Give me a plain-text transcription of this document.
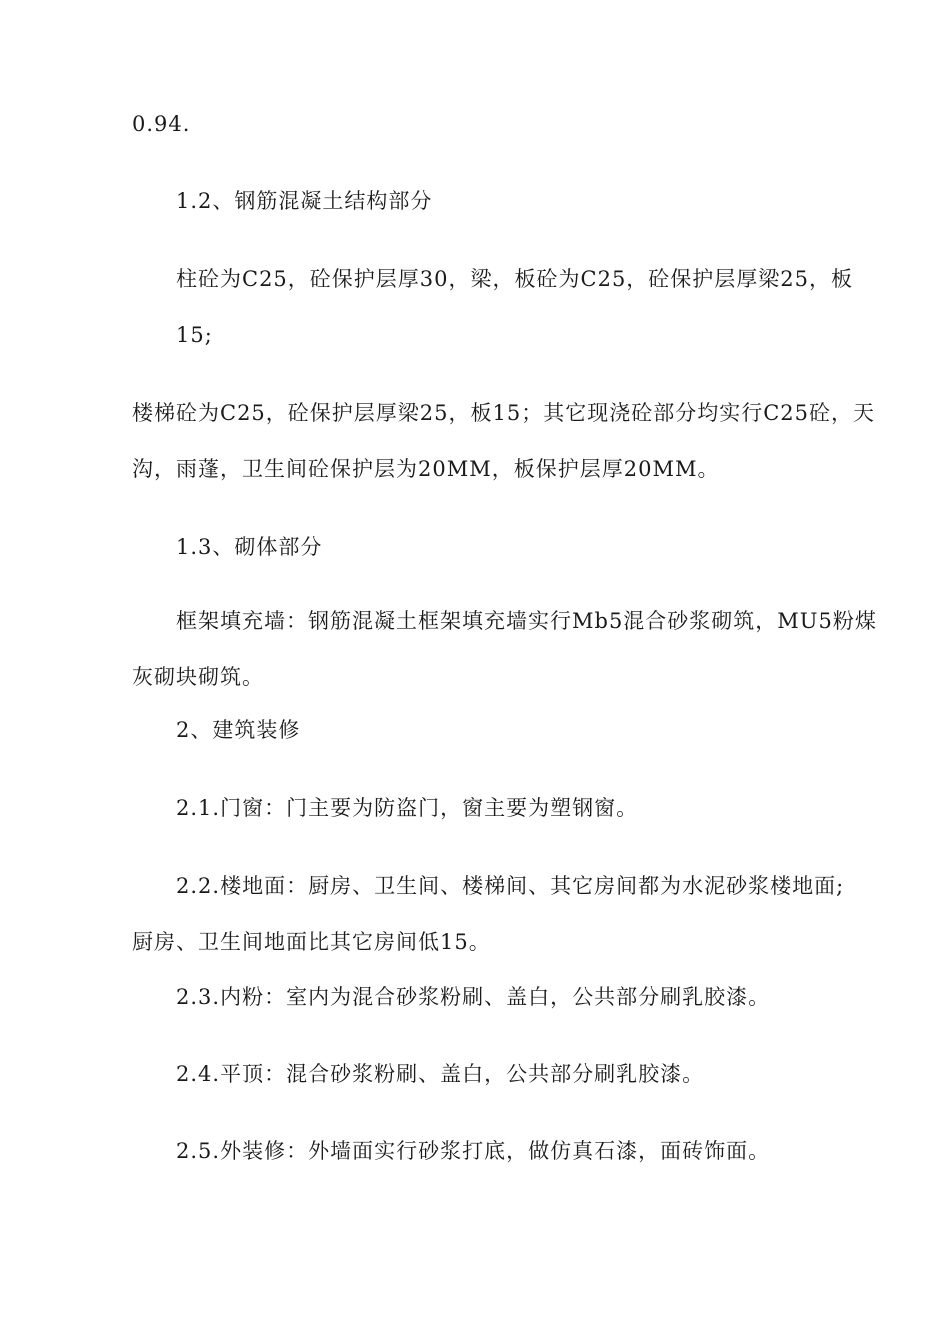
0.94.
1.2、钢筋混凝土结构部分
柱砼为C25，砼保护层厚30，梁，板砼为C25，砼保护层厚梁25，板
15;
楼梯砼为C25，砼保护层厚梁25，板15；其它现浇砼部分均实行C25砼，天
沟，雨蓬，卫生间砼保护层为20MM，板保护层厚20MM。
1.3、砌体部分
框架填充墙：钢筋混凝土框架填充墙实行Mb5混合砂浆砌筑，MU5粉煤
灰砌块砌筑。
2、建筑装修
2.1.门窗：门主要为防盗门，窗主要为塑钢窗。
2.2.楼地面：厨房、卫生间、楼梯间、其它房间都为水泥砂浆楼地面;
厨房、卫生间地面比其它房间低15。
2.3.内粉：室内为混合砂浆粉刷、盖白，公共部分刷乳胶漆。
2.4.平顶：混合砂浆粉刷、盖白，公共部分刷乳胶漆。
2.5.外装修：外墙面实行砂浆打底，做仿真石漆，面砖饰面。
